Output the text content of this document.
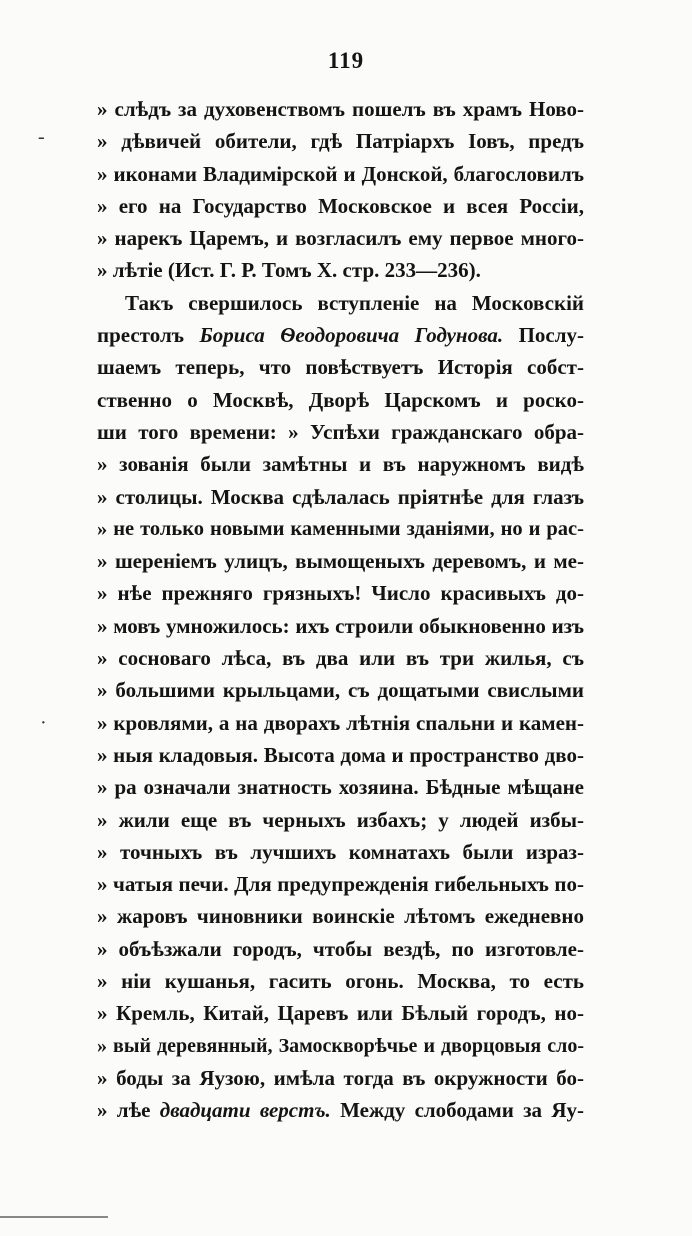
119
-
·
» слѣдъ за духовенствомъ пошелъ въ храмъ Ново-
» дѣвичей обители, гдѣ Патріархъ Іовъ, предъ
» иконами Владимірской и Донской, благословилъ
» его на Государство Московское и всея Россіи,
» нарекъ Царемъ, и возгласилъ ему первое много-
» лѣтіе (Ист. Г. Р. Томъ X. стр. 233—236).
Такъ свершилось вступленіе на Московскій
престолъ Бориса Ѳеодоровича Годунова. Послу-
шаемъ теперь, что повѣствуетъ Исторія собст-
ственно о Москвѣ, Дворѣ Царскомъ и роско-
ши того времени: » Успѣхи гражданскаго обра-
» зованія были замѣтны и въ наружномъ видѣ
» столицы. Москва сдѣлалась пріятнѣе для глазъ
» не только новыми каменными зданіями, но и рас-
» шереніемъ улицъ, вымощеныхъ деревомъ, и ме-
» нѣе прежняго грязныхъ! Число красивыхъ до-
» мовъ умножилось: ихъ строили обыкновенно изъ
» сосноваго лѣса, въ два или въ три жилья, съ
» большими крыльцами, съ дощатыми свислыми
» кровлями, а на дворахъ лѣтнія спальни и камен-
» ныя кладовыя. Высота дома и пространство дво-
» ра означали знатность хозяина. Бѣдные мѣщане
» жили еще въ черныхъ избахъ; у людей избы-
» точныхъ въ лучшихъ комнатахъ были израз-
» чатыя печи. Для предупрежденія гибельныхъ по-
» жаровъ чиновники воинскіе лѣтомъ ежедневно
» объѣзжали городъ, чтобы вездѣ, по изготовле-
» ніи кушанья, гасить огонь. Москва, то есть
» Кремль, Китай, Царевъ или Бѣлый городъ, но-
» вый деревянный, Замоскворѣчье и дворцовыя сло-
» боды за Яузою, имѣла тогда въ окружности бо-
» лѣе двадцати верстъ. Между слободами за Яу-
